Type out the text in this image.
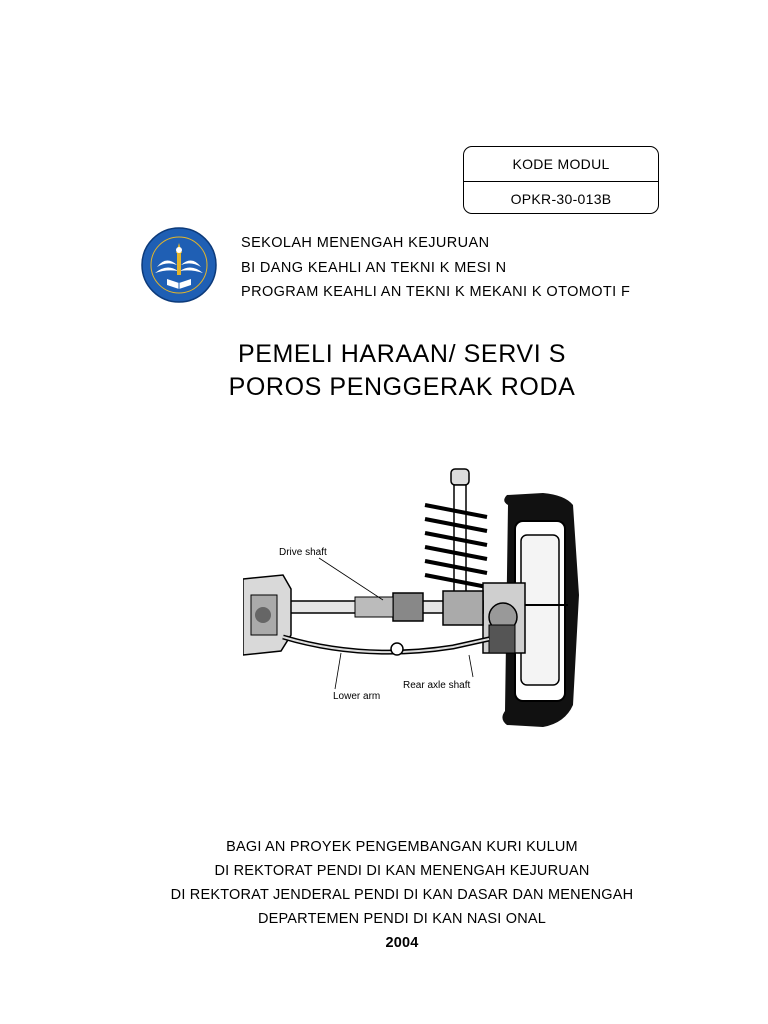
KODE MODUL
OPKR-30-013B
SEKOLAH MENENGAH KEJURUAN
BI DANG KEAHLI AN TEKNI K MESI N
PROGRAM KEAHLI AN TEKNI K MEKANI K OTOMOTI F
PEMELI HARAAN/ SERVI S
POROS PENGGERAK RODA
Drive shaft
Rear axle shaft
Lower arm
BAGI AN PROYEK PENGEMBANGAN KURI KULUM
DI REKTORAT PENDI DI KAN MENENGAH KEJURUAN
DI REKTORAT JENDERAL PENDI DI KAN DASAR DAN MENENGAH
DEPARTEMEN PENDI DI KAN NASI ONAL
2004
